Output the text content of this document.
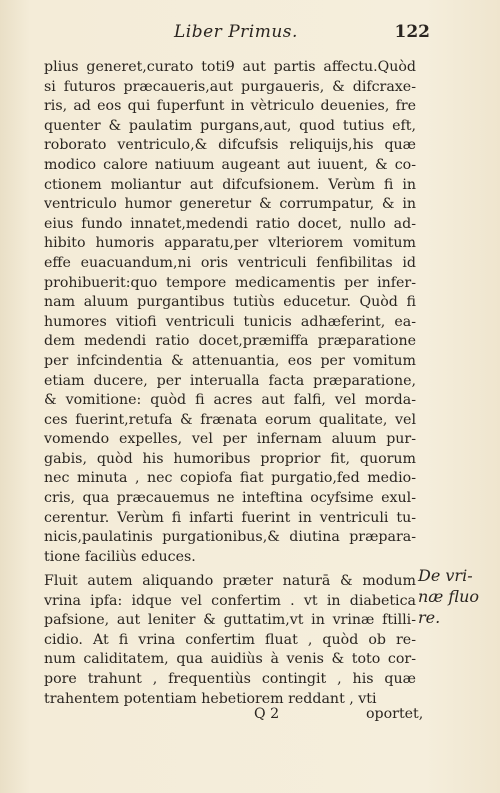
Liber Primus.	122
plius generet,curato toti9 aut partis affectu.Quòd
si futuros præcaueris,aut purgaueris, & difcraxe-
ris, ad eos qui fuperfunt in vètriculo deuenies, fre
quenter & paulatim purgans,aut, quod tutius eft,
roborato ventriculo,& difcufsis reliquijs,his quæ
modico calore natiuum augeant aut iuuent, & co-
ctionem moliantur aut difcufsionem. Verùm fi in
ventriculo humor generetur & corrumpatur, & in
eius fundo innatet,medendi ratio docet, nullo ad-
hibito humoris apparatu,per vlteriorem vomitum
effe euacuandum,ni oris ventriculi fenfibilitas id
prohibuerit:quo tempore medicamentis per infer-
nam aluum purgantibus tutiùs educetur. Quòd fi
humores vitiofi ventriculi tunicis adhæferint, ea-
dem medendi ratio docet,præmiffa præparatione
per infcindentia & attenuantia, eos per vomitum
etiam ducere, per interualla facta præparatione,
& vomitione: quòd fi acres aut falfi, vel morda-
ces fuerint,retufa & frænata eorum qualitate, vel
vomendo expelles, vel per infernam aluum pur-
gabis, quòd his humoribus proprior fit, quorum
nec minuta , nec copiofa fiat purgatio,fed medio-
cris, qua præcauemus ne inteftina ocyfsime exul-
cerentur. Verùm fi infarti fuerint in ventriculi tu-
nicis,paulatinis purgationibus,& diutina præpara-
tione faciliùs educes.
Fluit autem aliquando præter naturā & modum
vrina ipfa: idque vel confertim . vt in diabetica
pafsione, aut leniter & guttatim,vt in vrinæ ftilli-
cidio. At fi vrina confertim fluat , quòd ob re-
num caliditatem, qua auidiùs à venis & toto cor-
pore trahunt , frequentiùs contingit , his quæ
trahentem potentiam hebetiorem reddant , vti
De vri-
næ fluo
re.
Q 2	oportet,
